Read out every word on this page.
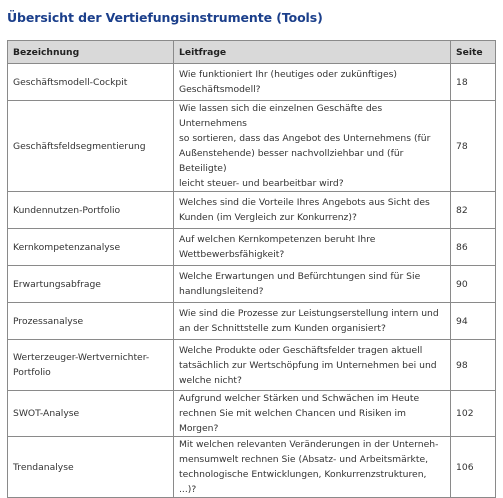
Übersicht der Vertiefungsinstrumente (Tools)
Bezeichnung	Leitfrage	Seite
Geschäftsmodell-Cockpit	Wie funktioniert Ihr (heutiges oder zukünftiges)
Geschäftsmodell?	18
Geschäftsfeldsegmentierung	Wie lassen sich die einzelnen Geschäfte des Unternehmens
so sortieren, dass das Angebot des Unternehmens (für
Außenstehende) besser nachvollziehbar und (für Beteiligte)
leicht steuer- und bearbeitbar wird?	78
Kundennutzen-Portfolio	Welches sind die Vorteile Ihres Angebots aus Sicht des
Kunden (im Vergleich zur Konkurrenz)?	82
Kernkompetenzanalyse	Auf welchen Kernkompetenzen beruht Ihre
Wettbewerbsfähigkeit?	86
Erwartungsabfrage	Welche Erwartungen und Befürchtungen sind für Sie
handlungsleitend?	90
Prozessanalyse	Wie sind die Prozesse zur Leistungserstellung intern und
an der Schnittstelle zum Kunden organisiert?	94

Werterzeuger-Wertvernichter-
Portfolio	Welche Produkte oder Geschäftsfelder tragen aktuell
tatsächlich zur Wertschöpfung im Unternehmen bei und
welche nicht?	98
SWOT-Analyse	Aufgrund welcher Stärken und Schwächen im Heute
rechnen Sie mit welchen Chancen und Risiken im Morgen?	102
Trendanalyse	Mit welchen relevanten Veränderungen in der Unterneh-
mensumwelt rechnen Sie (Absatz- und Arbeitsmärkte,
technologische Entwicklungen, Konkurrenzstrukturen, ...)?	106
